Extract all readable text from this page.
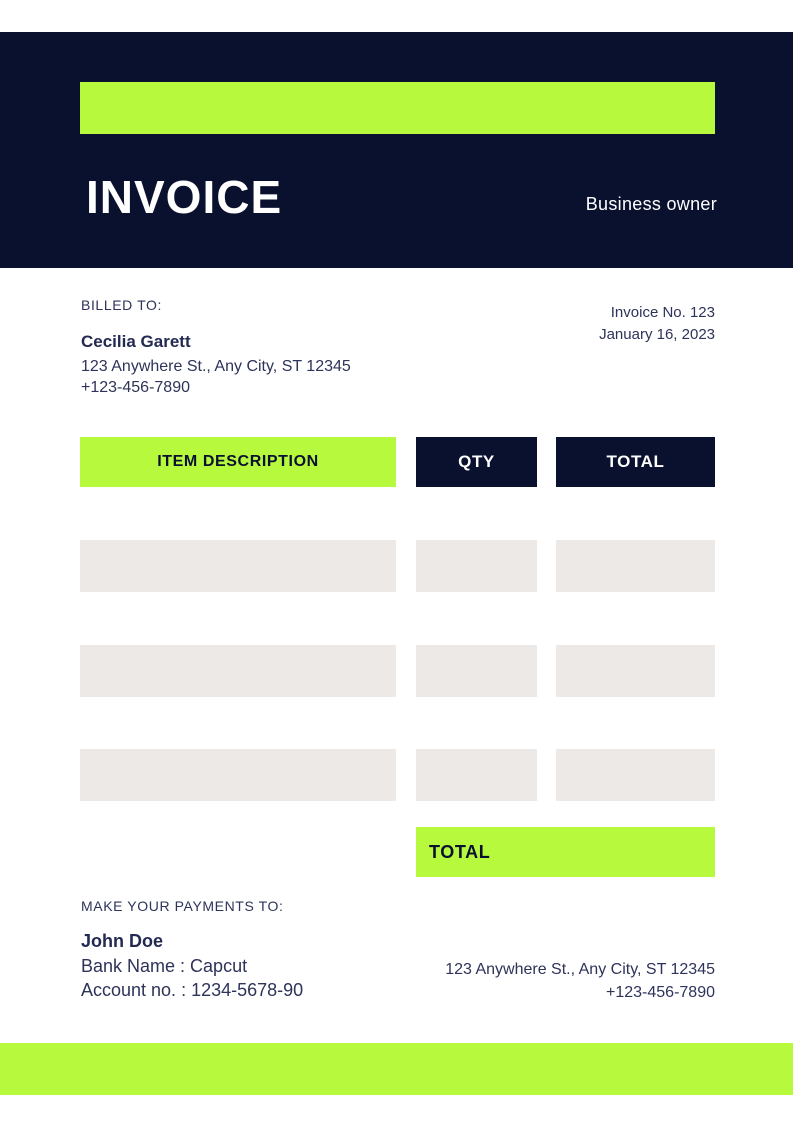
INVOICE	Business owner
BILLED TO:
Cecilia Garett
123 Anywhere St., Any City, ST 12345
+123-456-7890
Invoice No. 123
January 16, 2023
ITEM DESCRIPTION	QTY	TOTAL
TOTAL
MAKE YOUR PAYMENTS TO:
John Doe
Bank Name : Capcut
Account no. : 1234-5678-90
123 Anywhere St., Any City, ST 12345
+123-456-7890
